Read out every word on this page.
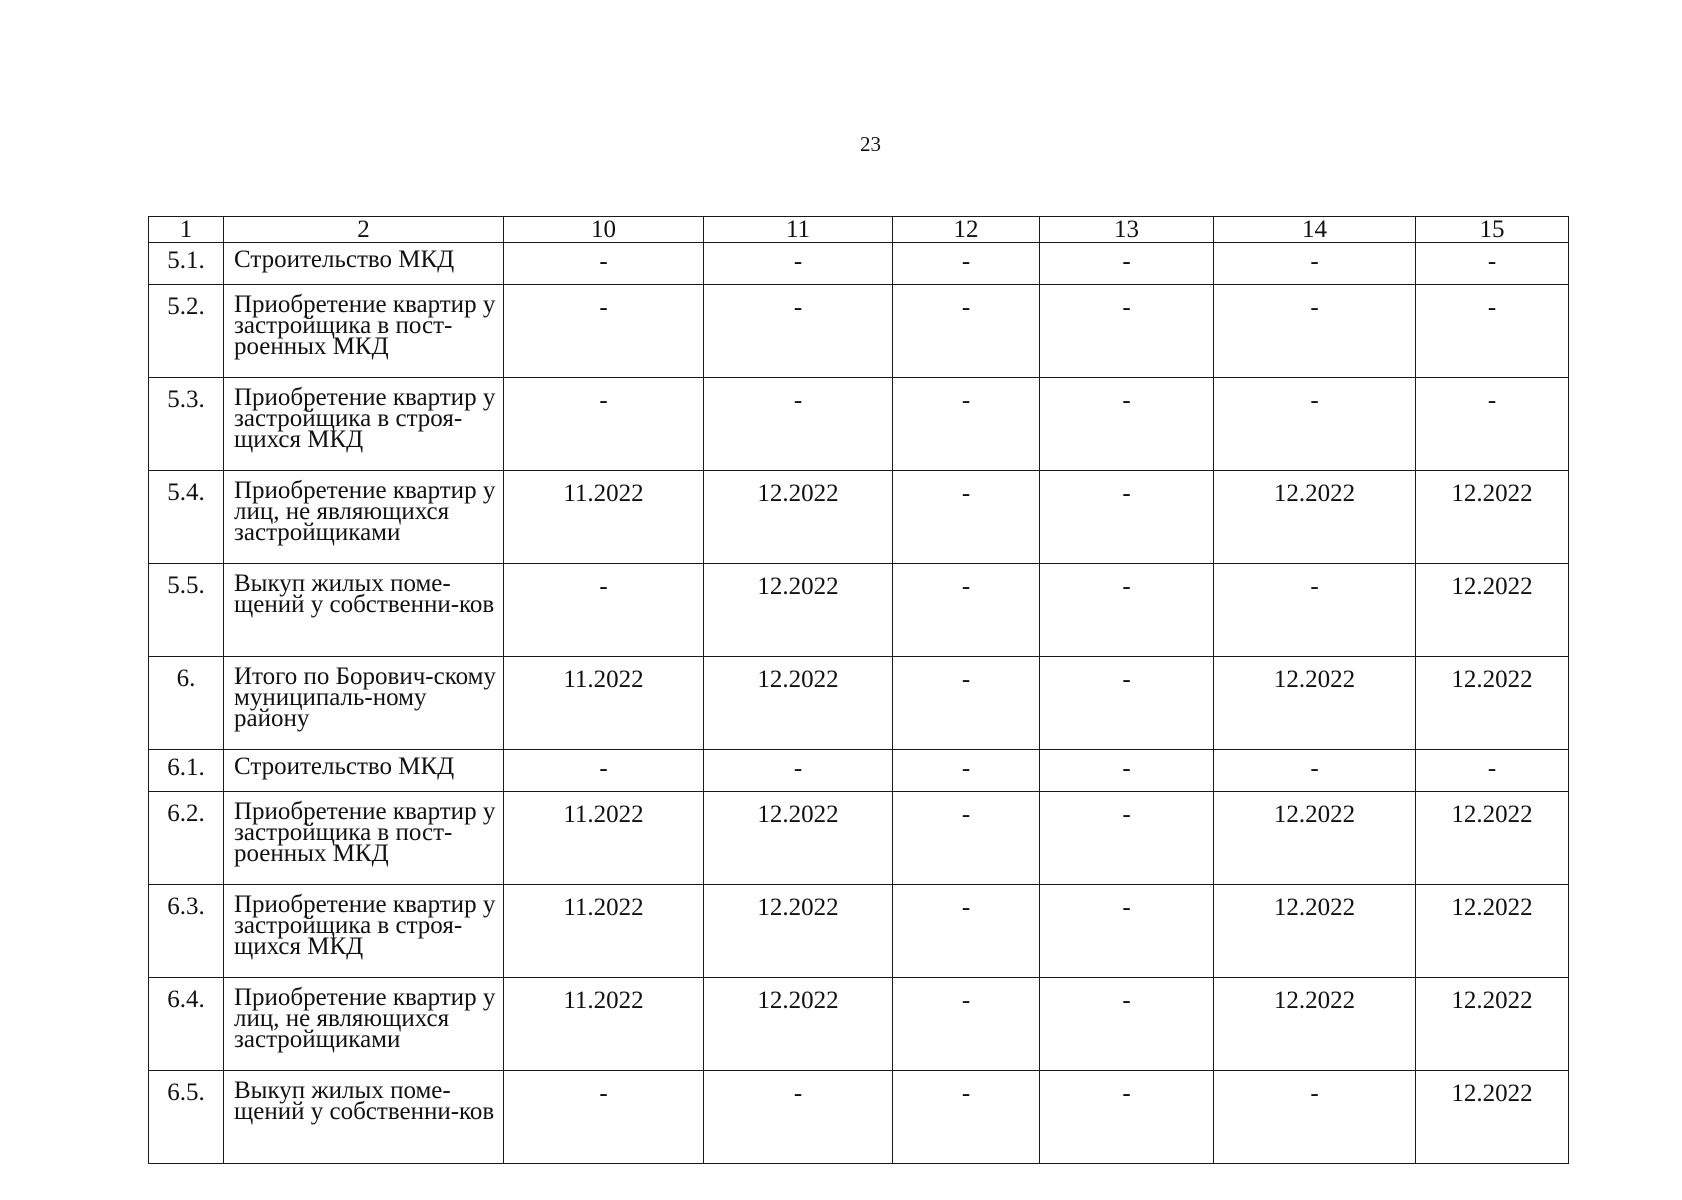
23
1	2	10	11	12	13	14	15
5.1.	Строительство МКД	-	-	-	-	-	-
5.2.	Приобретение квартир у застройщика в пост-роенных МКД	-	-	-	-	-	-
5.3.	Приобретение квартир у застройщика в строя-щихся МКД	-	-	-	-	-	-
5.4.	Приобретение квартир у лиц, не являющихся застройщиками	11.2022	12.2022	-	-	12.2022	12.2022
5.5.	Выкуп жилых поме-щений у собственни-ков	-	12.2022	-	-	-	12.2022
6.	Итого по Борович-скому муниципаль-ному району	11.2022	12.2022	-	-	12.2022	12.2022
6.1.	Строительство МКД	-	-	-	-	-	-
6.2.	Приобретение квартир у застройщика в пост-роенных МКД	11.2022	12.2022	-	-	12.2022	12.2022
6.3.	Приобретение квартир у застройщика в строя-щихся МКД	11.2022	12.2022	-	-	12.2022	12.2022
6.4.	Приобретение квартир у лиц, не являющихся застройщиками	11.2022	12.2022	-	-	12.2022	12.2022
6.5.	Выкуп жилых поме-щений у собственни-ков	-	-	-	-	-	12.2022
